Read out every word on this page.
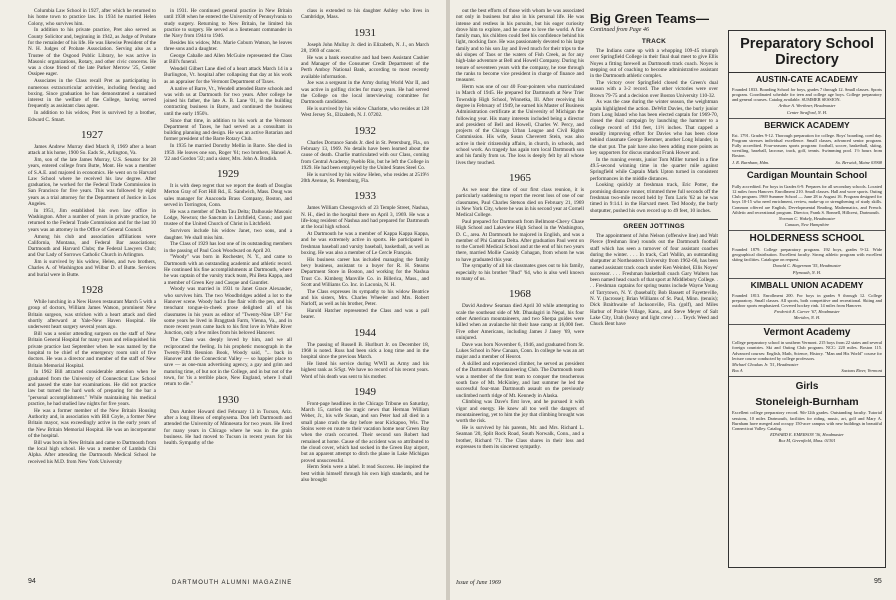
Columbia Law School in 1927, after which he returned to his home town to practice law. In 1934 he married Helen Colony, who survives him.

In addition to his private practice, Pret also served as County Solicitor and, beginning in 1942, as Judge of Probate for the remainder of his life. He was likewise President of the N. H. Judges of Probate Association. Serving also as a Trustee of the Osgood Public Library, he was active in Masonic organizations, Rotary, and other civic concerns. He was a close friend of the late Parker Merrow '25, Center Ossipee eager.

Associates in the Class recall Pret as participating in numerous extracurricular activities, including fencing and boxing. Since graduation he has demonstrated a sustained interest in the welfare of the College, having served frequently as assistant class agent.

In addition to his widow, Pret is survived by a brother, Edward C. Smart.

1927

James Andrew Murray died March 8, 1969 after a heart attack at his home, 1900 So. Eads St., Arlington, Va.

Jim, son of the late James Murray, U.S. Senator for 28 years, entered college from Butte, Mont. He was a member of S.A.E. and majored in economics. He went on to Harvard Law School where he received his law degree. After graduation, he worked for the Federal Trade Commission in San Francisco for five years. This was followed by eight years as a trial attorney for the Department of Justice in Los Angeles.

In 1951, Jim established his own law office in Washington. After a number of years in private practice, he returned to the Federal Trade Commission and for the last 10 years was an attorney in the Office of General Council.

Among his club and association affiliations were California, Montana, and Federal Bar associations; Dartmouth and Harvard Clubs; the Federal Lawyers Club; and Our Lady of Sorrows Catholic Church in Arlington.

Jim is survived by his widow, Helen, and two brothers, Charles A. of Washington and Wilbur D. of Butte. Services and burial were in Butte.

1928

While lunching in a New Haven restaurant March 5 with a group of doctors, William James Watson, prominent New Britain surgeon, was stricken with a heart attack and died shortly afterward at Yale-New Haven Hospital. He underwent heart surgery several years ago.

Bill was a senior attending surgeon on the staff of New Britain General Hospital for many years and relinquished his private practice last September when he was named by the hospital to be chief of the emergency room unit of five doctors. He was a director and member of the staff of New Britain Memorial Hospital.

In 1962 Bill attracted considerable attention when he graduated from the University of Connecticut Law School and passed the state bar examinations. He did not practice law but turned the hard work of preparing for the bar a "personal accomplishment." While maintaining his medical practice, he had studied law nights for five years.

He was a former member of the New Britain Housing Authority and, in association with Bill Coyle, a former New Britain mayor, was exceedingly active in the early years of the New Britain Memorial Hospital. He was an incorporator of the hospital.

Bill was born in New Britain and came to Dartmouth from the local high school. He was a member of Lambda Chi Alpha. After attending the Dartmouth Medical School he received his M.D. from New York University

in 1931. He continued general practice in New Britain until 1938 when he entered the University of Pennsylvania to study surgery. Returning to New Britain, he limited his practice to surgery. He served as a lieutenant commander in the Navy from 1944 to 1946.

Besides his widow, Mrs. Marie Coburn Watson, he leaves three sons and a daughter.

George Caballe and Allen McGuire represented the Class at Bill's funeral.

Wendell Gilbert Lane died of a heart attack March 14 in a Burlington, Vt. hospital after collapsing that day at his work as an appraiser for the Vermont Department of Taxes.

A native of Barre, Vt., Wendell attended Barre schools and was with us at Dartmouth for two years. After college he joined his father, the late A. B. Lane '01, in the building contracting business in Barre, and continued the business until the early 1950's.

Since that time, in addition to his work at the Vermont Department of Taxes, he had served as a consultant in building planning and design. He was an active Rotarian and former president of the Barre Rotary Club.

In 1935 he married Dorothy Mellin in Barre. She died in 1959. He leaves one son, Roger '61; two brothers, Hansel A. '22 and Gordon '32; and a sister, Mrs. John A. Bradish.

1929

It is with deep regret that we report the death of Douglas Merton Gray of Fort Hill Rd., E. Sandwich, Mass. Doug was sales manager for Anaconda Brass Company, Boston, and served in Torrington, Conn.

He was a member of Delta Tau Delta; Dalhousie Masonic Lodge, Newton; the Sanctum in Litchfield, Conn.; and past trustee of the United Church of Christ in Litchfield.

Survivors include his widow Janet, two sons, and a daughter. We shall miss him.

The Class of 1929 has lost one of its outstanding members in the passing of Paul Cook Woodward on April 20.

"Woody" was born in Rochester, N. Y., and came to Dartmouth with an outstanding academic and athletic record. He continued his fine accomplishments at Dartmouth, where he was captain of the varsity track team, Phi Beta Kappa, and a member of Green Key and Casque and Gauntlet.

Woody was married in 1931 to Janet Grace Alexander, who survives him. The two Woodbridges added a lot to the Hanover scene. Woody had a fine flair with the pen, and his trenchant tongue-in-cheek prose delighted all of his classmates in his years as editor of "Twenty-Nine UP." For some years he lived in Braggtash Farm, Vienna, Va., and in more recent years came back to his first love in White River Junction, only a few miles from his beloved Hanover.

The Class was deeply loved by him, and we all reciprocated the feeling. In his prophetic monograph in the Twenty-Fifth Reunion Book, Woody said, "... back in Hanover and the Connecticut Valley — so happier place to save — as one-man advertising agency, a gay and grim and maturing time, of but not in the College, and in but not of the town, for 'tis a terrible place, New England, where I shall return to die."

1930

Don Amber Howard died February 13 in Tucson, Ariz. after a long illness of emphysema. Don left Dartmouth and attended the University of Minnesota for two years. He lived for many years in Chicago where he was in the grain business. He had moved to Tucson in recent years for his health. Sympathy of the

class is extended to his daughter Ashley who lives in Cambridge, Mass.

1931

Joseph John Mullay Jr. died in Elizabeth, N. J., on March 28, 1969 of cancer.

He was a bank executive and had been Assistant Cashier and Manager of the Consumer Credit Department of the Perth Amboy National Bank, according to most recently available information.

Joe was a sergeant in the Army during World War II, and was active in golfing circles for many years. He had served the College on the local interviewing committee for Dartmouth candidates.

He is survived by his widow Charlotte, who resides at 128 West Jersey St., Elizabeth, N. J. 07202.

1932

Charles Dorrance Sands Jr. died in St. Petersburg, Fla., on February 13, 1969. No details have been learned about the cause of death. Charlie matriculated with our Class, coming from Central Academy, Pueblo Rio, but he left the College in 1929. He had been employed by the United States Steel Co.

He is survived by his widow Helen, who resides at 2519½ 20th Avenue, St. Petersburg, Fla.

1933

James William Chessgovich of 23 Temple Street, Nashua, N. H., died in the hospital there on April 3, 1969. He was a life-long resident of Nashua and had prepared for Dartmouth at the local high school.

At Dartmouth he was a member of Kappa Kappa Kappa, and he was extremely active in sports. He participated in freshman baseball and varsity baseball, basketball, as well as boxing. He was also a member of Le Cercle Français.

His business career has included managing the family bevy business, assistant to a buyer for R. H. Stearns Department Store in Boston, and working for the Nashua Trust Co. Kimberg Manville Co. in Billerica, Mass., and Scott and Williams Co. Inc. in Laconia, N. H.

The Class expresses its sympathy to his widow Beatrice and his sisters, Mrs. Charles Wheeler and Mrs. Robert Narloff, as well as his brother, Peter.

Harold Hatcher represented the Class and was a pall bearer.

1944

The passing of Russell B. Hurlburt Jr. on December 18, 1968 is noted. Russ had been sick a long time and in the hospital since the previous March.

He listed his service during WWII as Army and his highest rank as S/Sgt. We have no record of his recent years. Word of his death was sent to his mother.

1949

Front-page headlines in the Chicago Tribune on Saturday, March 15, carried the tragic news that Herman William Weber, Jr., his wife Susan, and son Peter had all died in a small plane crash the day before near Kickapoo, Wis. The Stoins were en route to their vacation home near Green Bay when the crash occurred. Their second son Robert had remained at home. Cause of the accident was so attributed to the cloud cover, which had socked in the Green Bay airport, but an apparent attempt to ditch the plane in Lake Michigan proved unsuccessful.

Herm Stein were a label. It read Success. He inspired the best within himself through his own high standards, and he also brought

94	DARTMOUTH ALUMNI MAGAZINE

out the best efforts of those with whom he was associated not only in business but also in his personal life. He was intense and restless in his pursuits, but his eager curiosity drove him to explore, and he came to love the world. A fine family man, his children could feel his confidence behind his light, mocking face. He was passionately devoted to his large family and to his son Jay and lived much for their trips to the ski slopes of Taos or the waters of Fish Creek, as for any high-lake adventure at Bell and Howell Company. During his tenure of seventeen years with the company, he rose through the ranks to become vice president in charge of finance and treasurer.

Herm was one of our 40 Four-pointers who matriculated in March of 1945. He prepared for Dartmouth at New Trier Township High School, Winnetka, Ill. After receiving his degree in February of 1949, he earned his Master of Business Administration certificate at the University of Michigan the following year. His many interests included being a director and president of Bell and Howell, Charles W. Percy, and projects of the Chicago Urban League and Civil Rights Commission. His wife, Susan Cheverett Stein, was also active in their citizenship affairs, in church, in schools, and school work. An tragedy has again torn local Dartmouth son and his family from us. The loss is deeply felt by all whose lives they touched.

1965

As we near the time of our first class reunion, it is particularly saddening to report the recent loss of one of our classmates, Paul Charles Stetson died on February 21, 1969 in New York City, where he was in his second year at Cornell Medical College.

Paul prepared for Dartmouth from Bellmont-Chevy Chase High School and Lakeview High School in the Washington, D. C., area. At Dartmouth he majored in English, and was a member of Phi Gamma Delta. After graduation Paul went on to the Cornell Medical School and at the end of his two years there, married Mollie Cassidy Cohagan, from whom he was to have graduated this year.

The sympathy of all his classmates goes out to his family, especially to his brother "Bud" '64, who is also well known to many of us.

1968

David Andrew Seaman died April 30 while attempting to scale the southeast side of Mt. Dhaulagiri in Nepal, his four other American mountaineers, and two Sherpa guides were killed when an avalanche hit their base camp at 16,000 feet. Five other Americans, including James J Janey '69, were uninjured.

Dave was born November 6, 1946, and graduated from St. Lukes School in New Canaan, Conn. In college he was an art major and a member of Heorot.

A skilled and experienced climber, he served as president of the Dartmouth Mountaineering Club. The Dartmouth team was a member of the first team to conquer the treacherous south face of Mt. McKinley, and last summer he led the successful four-man Dartmouth assault on the previously unclimbed north ridge of Mt. Kennedy in Alaska.

Climbing was Dave's first love, and he pursued it with vigor and energy. He knew all too well the dangers of mountaineering, yet to him the joy that climbing brought was worth the risk.

He is survived by his parents, Mr. and Mrs. Richard L. Seaman '20, Split Rock Road, South Norwalk, Conn., and a brother, Richard '71. The Class shares in their loss and expresses to them its sincerest sympathy.

Big Green Teams—

Continued from Page 46

TRACK

The Indians came up with a whopping 109-45 triumph over Springfield College in their final dual meet to give Ellis Noyes a fitting farewell as Dartmouth track coach. Noyes is stepping out of coaching to become administrative assistant in the Dartmouth athletic complex.

The victory over Springfield closed the Green's dual season with a 3-2 record. The other victories were over Brown 79-75 and a decision over Boston University 110-32.

As was the case during the winter season, the weightman again highlighted the action. DeWitt Davies, the burly junior from Long Island who has been elected captain for 1969-70, closed the dual campaign by launching the hammer to a college record of 194 feet, 11½ inches. That capped a steadily improving effort for Davies who has been close behind classmate George Remmer, another Long Islander, in the shot put. The pair have also been adding more points as key supporters for discus standout Frank Hower and.

In the running events, junior Tom Miller turned in a fine 49.5-second winning time in the quarter mile against Springfield while Captain Mark Upton turned in consistent performances in the middle distances.

Looking quickly at freshman track, Eric Potter, the promising distance runner, trimmed three full seconds off the freshman two-mile record held by Tom Laris '62 as he was timed in 9:14.1 in the Harvard meet. Ted Moody, the burly shotputter, pushed his own record up to 49 feet, 10 inches.

GREEN JOTTINGS

The appointment of John Nelson (offensive line) and Walt Pierce (freshman line) rounds out the Dartmouth football staff which has seen a turnover of four assistant coaches during the winter. . . . In track, Carl Wallin, an outstanding shotputter at Northeastern University from 1962-66, has been named assistant track coach under Ken Weinbel, Ellis Noyes' successor. . . . Freshman basketball coach Gary Walters has been named head coach of that sport at Middlebury College. . . . Freshman captains for spring teams include Wayne Young of Tarrytown, N. Y. (baseball); Bob Bassett of Fayetteville, N. Y. (lacrosse); Brian Williams of St. Paul, Minn. (tennis); Dick Braithwaite of Jacksonville, Fla. (golf), and Miles Harbur of Prairie Village, Kans., and Steve Meyer of Salt Lake City, Utah (heavy and light crew) . . . Teyck Weed and Chuck Bent have

Preparatory School Directory
AUSTIN-CATE ACADEMY
Founded 1833. Boarding School for boys, grades 7 through 12. Small classes. Sports program. Coordinated schedule for teen and college age boys. College preparatory and general courses. Catalog available. SUMMER SESSION.
Arthur A. Werthner, Headmaster
Center Strafford, N. H.
BERWICK ACADEMY
Est. 1791. Grades 9-12. Thorough preparation for college. Boys' boarding, coed day. Program stresses individual excellence. Small classes, advanced senior program. Fully accredited. Four-seasons sports program: football, soccer, basketball, skiing, wrestling, baseball, lacrosse, track, golf, tennis. Swimming pool. 1½ hours from Boston.
J. R. Burnham, Hdm.	So. Berwick, Maine 03908
Cardigan Mountain School
Fully accredited. For boys in Grades 6-9. Prepares for all secondary schools. Located 12 miles from Hanover. Enrollment 210. Small classes. Hall and wore sports. Outing Club program. 1969 Summer School — June 28 to August 16. Program designed for boys 10-15 who need enrichment, review, make-up or strengthening of study skills. Common offered are English, Developmental Reading, Mathematics, and French. Athletic and recreational program. Director, Frank S. Bonnell, Hillcrest, Dartmouth.
Norman C. Wakely, Headmaster
Canaan, New Hampshire
HOLDERNESS SCHOOL
Founded 1879. College preparatory program. 192 boys, grades 9-12. Wide geographical distribution. Excellent faculty. Strong athletic program with excellent skiing facilities. Catalogue on request.
Donald C. Hagerman '55, Headmaster
Plymouth, N. H.
KIMBALL UNION ACADEMY
Founded 1813. Enrollment 200. For boys in grades 9 through 12. College preparatory. Small classes. All sports, both competitive and recreational. Skiing and outdoor sports emphasized. Covered hockey rink. 14 miles from Hanover.
Frederick E. Carver '67, Headmaster
Meriden, N. H.
Vermont Academy
College preparatory school in southern Vermont. 215 boys from 22 states and several foreign countries. Ski and Outing Club program. NCC: 220 miles. Boston 115. Advanced courses: English, Math, Science, History. "Man and His World" course for lecture course conducted by college professors.
Michael Choukas Jr. '51, Headmaster
Box A	Saxtons River, Vermont
Girls
Stoneleigh-Burnham
Excellent college preparatory record. 9th-12th grades. Outstanding faculty. Tutorial sessions, 10 miles Dartmouth, facilities for riding, music, art, golf and Mary A. Burnham have merged and occupy 150-acre campus with new buildings in beautiful Connecticut Valley. Catalog.
EDWARD E. EMERSON '36, Headmaster
Box M, Greenfield, Mass. 01301
Issue of June 1969	95
